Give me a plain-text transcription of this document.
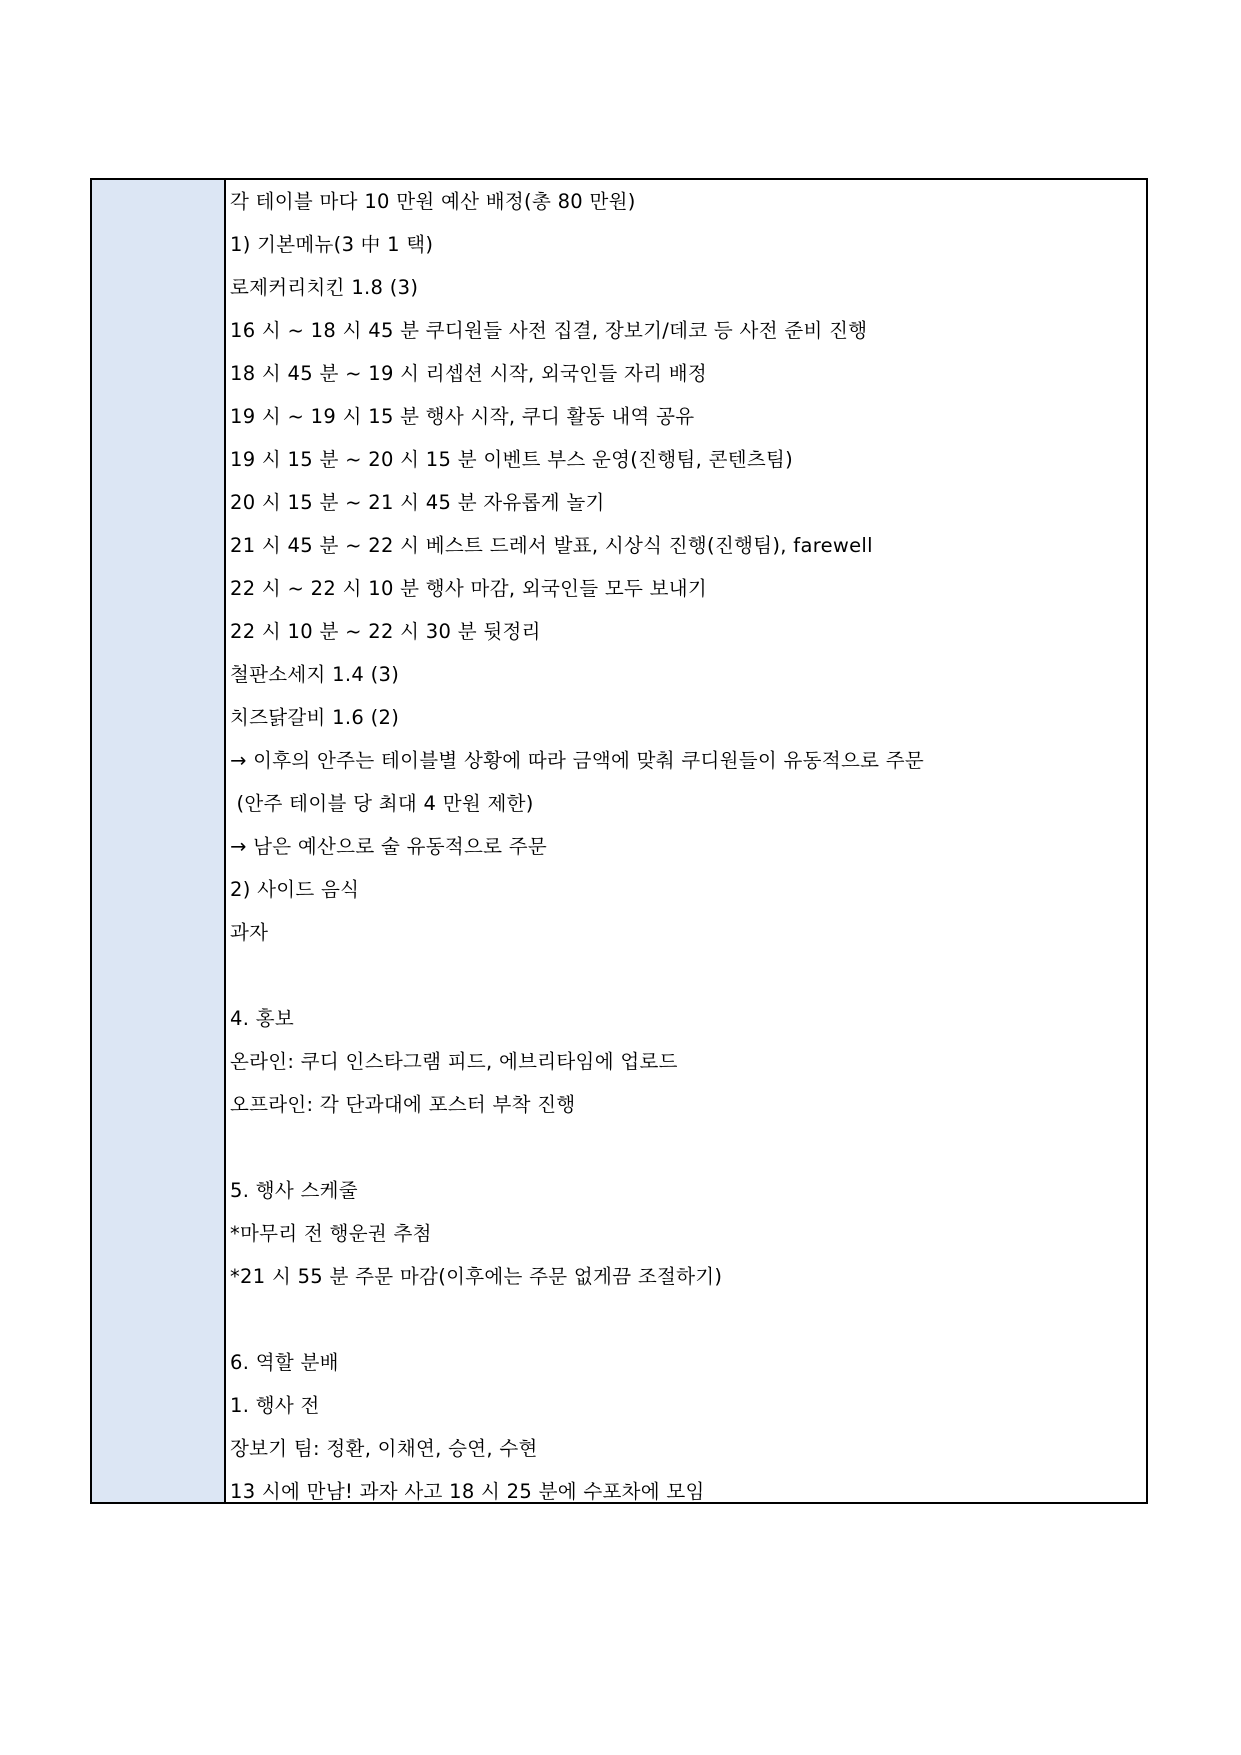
각 테이블 마다 10 만원 예산 배정(총 80 만원)
1) 기본메뉴(3 中 1 택)
로제커리치킨 1.8 (3)
16 시 ~ 18 시 45 분 쿠디원들 사전 집결, 장보기/데코 등 사전 준비 진행
18 시 45 분 ~ 19 시 리셉션 시작, 외국인들 자리 배정
19 시 ~ 19 시 15 분 행사 시작, 쿠디 활동 내역 공유
19 시 15 분 ~ 20 시 15 분 이벤트 부스 운영(진행팀, 콘텐츠팀)
20 시 15 분 ~ 21 시 45 분 자유롭게 놀기
21 시 45 분 ~ 22 시 베스트 드레서 발표, 시상식 진행(진행팀), farewell
22 시 ~ 22 시 10 분 행사 마감, 외국인들 모두 보내기
22 시 10 분 ~ 22 시 30 분 뒷정리
철판소세지 1.4 (3)
치즈닭갈비 1.6 (2)
→ 이후의 안주는 테이블별 상황에 따라 금액에 맞춰 쿠디원들이 유동적으로 주문
(안주 테이블 당 최대 4 만원 제한)
→ 남은 예산으로 술 유동적으로 주문
2) 사이드 음식
과자
4. 홍보
온라인: 쿠디 인스타그램 피드, 에브리타임에 업로드
오프라인: 각 단과대에 포스터 부착 진행
5. 행사 스케줄
*마무리 전 행운권 추첨
*21 시 55 분 주문 마감(이후에는 주문 없게끔 조절하기)
6. 역할 분배
1. 행사 전
장보기 팀: 정환, 이채연, 승연, 수현
13 시에 만남! 과자 사고 18 시 25 분에 수포차에 모임
